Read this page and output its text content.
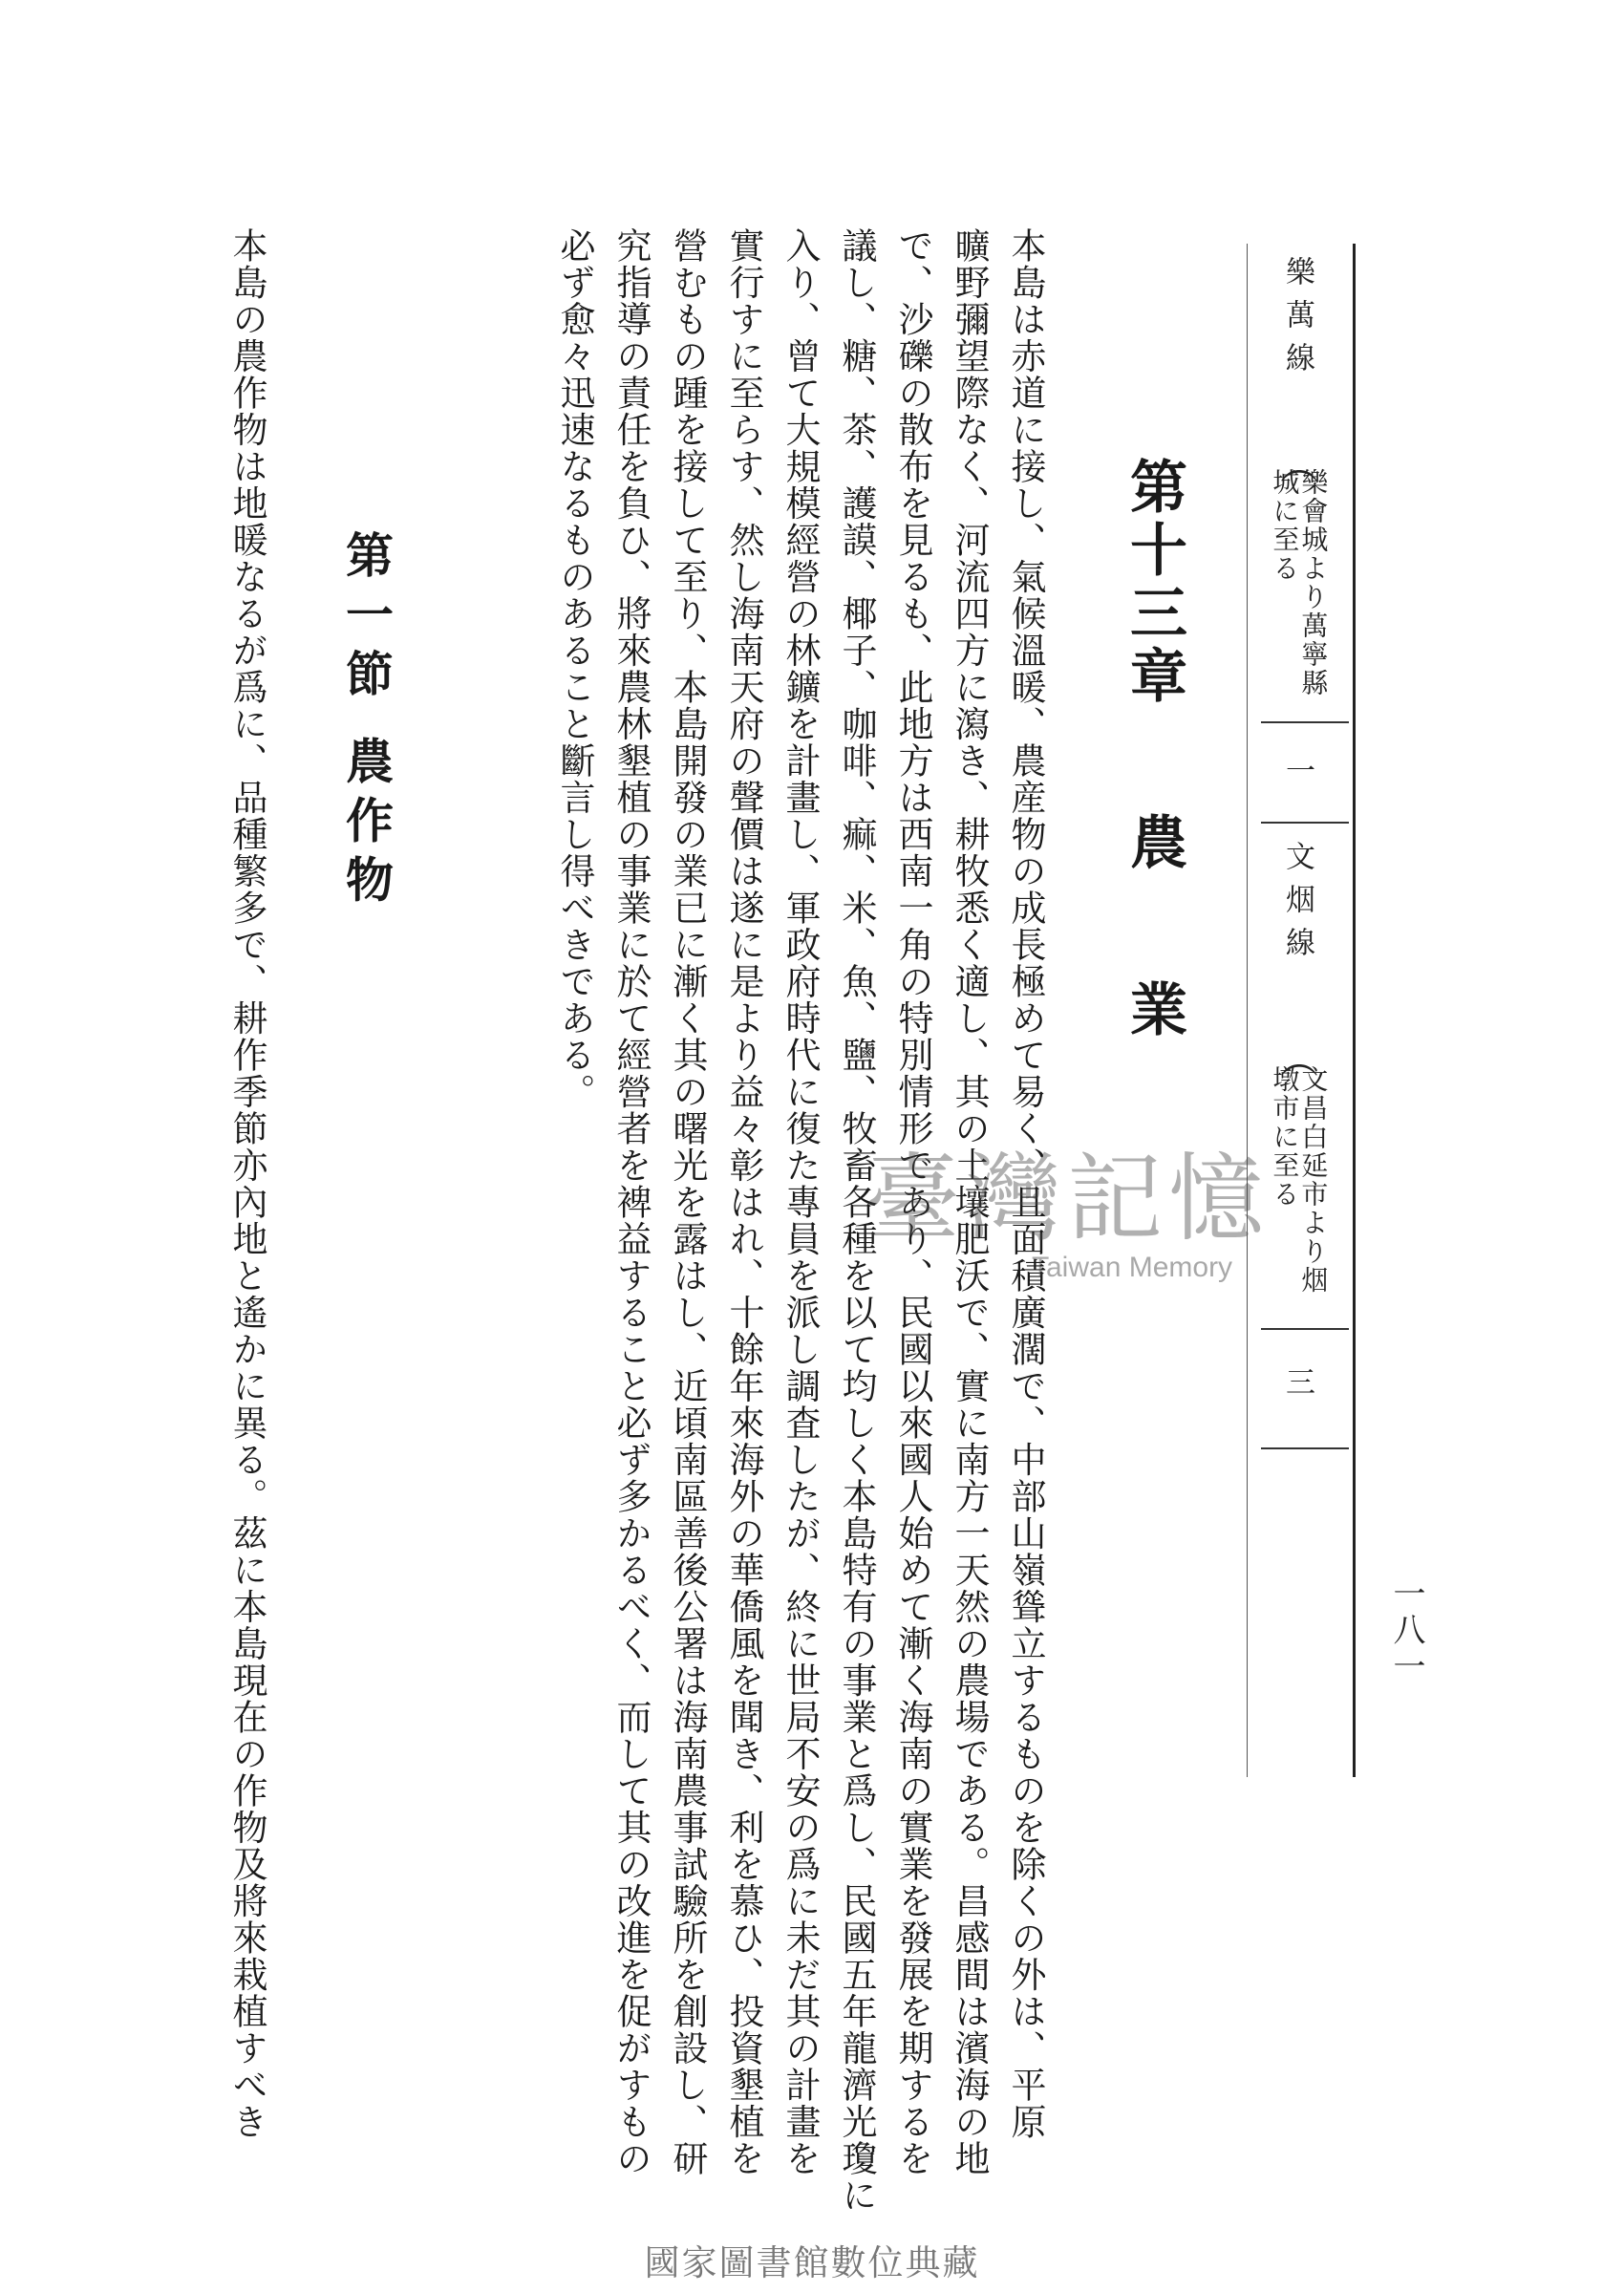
樂萬線
︵
樂會城より萬寧縣
城に至る
一
文烟線
︵
文昌白延市より烟
墩市に至る
三
一八一
第十三章
農業
本島は赤道に接し、氣候溫暖、農産物の成長極めて易く、且面積廣濶で、中部山嶺聳立するものを除くの外は、平原
曠野彌望際なく、河流四方に瀉き、耕牧悉く適し、其の土壤肥沃で、實に南方一天然の農場である。昌感間は濱海の地
で、沙礫の散布を見るも、此地方は西南一角の特別情形であり、民國以來國人始めて漸く海南の實業を發展を期するを
議し、糖、茶、護謨、椰子、咖啡、痲、米、魚、鹽、牧畜各種を以て均しく本島特有の事業と爲し、民國五年龍濟光瓊に
入り、曾て大規模經營の林鑛を計畫し、軍政府時代に復た專員を派し調査したが、終に世局不安の爲に未だ其の計畫を
實行すに至らす、然し海南天府の聲價は遂に是より益々彰はれ、十餘年來海外の華僑風を聞き、利を慕ひ、投資墾植を
營むもの踵を接して至り、本島開發の業已に漸く其の曙光を露はし、近頃南區善後公署は海南農事試驗所を創設し、研
究指導の責任を負ひ、將來農林墾植の事業に於て經營者を裨益すること必ず多かるべく、而して其の改進を促がすもの
必ず愈々迅速なるものあること斷言し得べきである。
第一節 農作物
本島の農作物は地暖なるが爲に、品種繁多で、耕作季節亦內地と遙かに異る。茲に本島現在の作物及將來栽植すべき	臺灣記憶
Taiwan Memory
國家圖書館數位典藏
